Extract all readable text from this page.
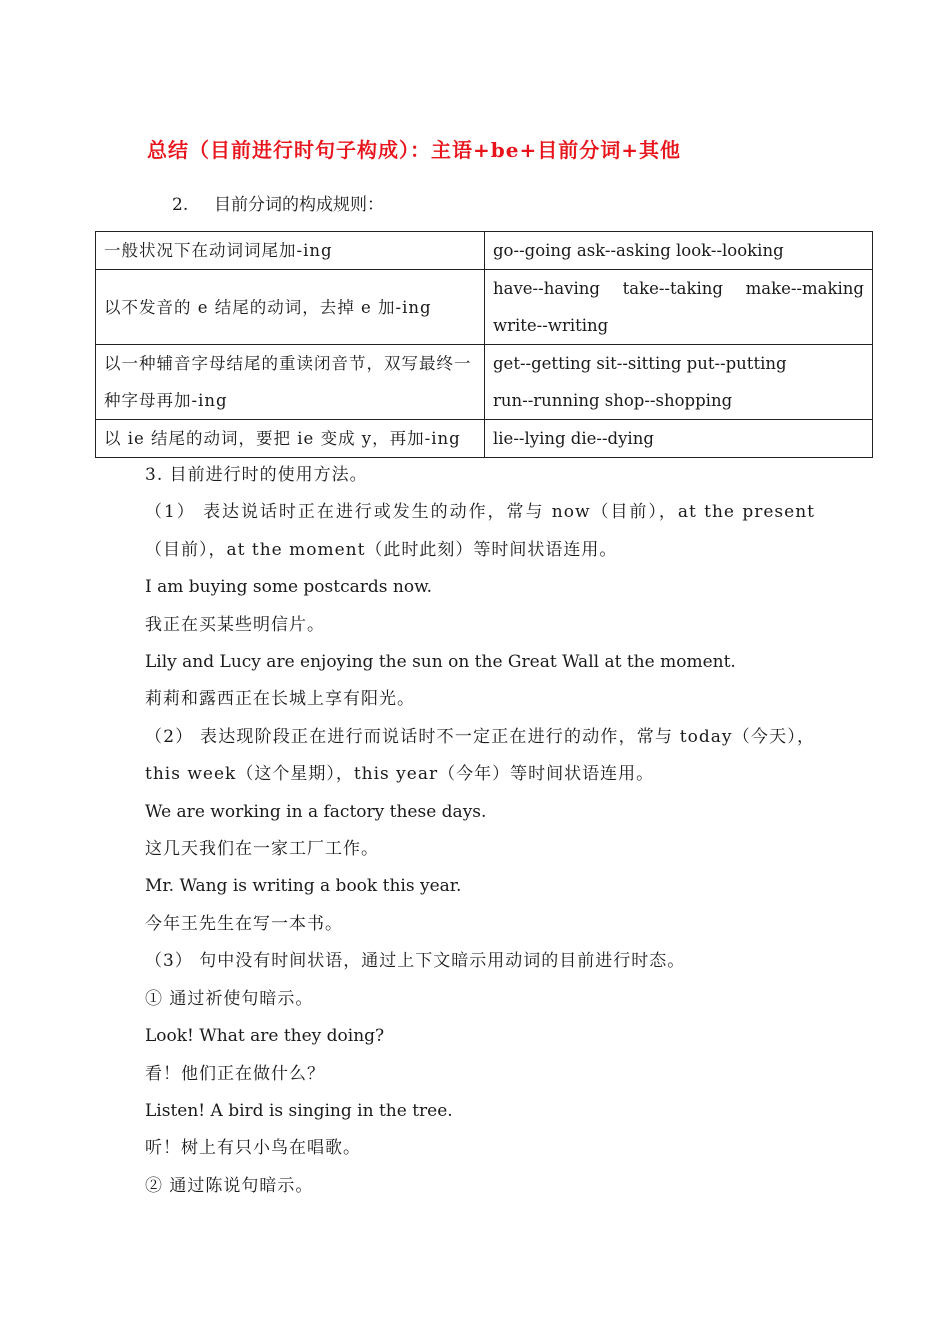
总结（目前进行时句子构成）：主语+be+目前分词+其他
2. 目前分词的构成规则：
一般状况下在动词词尾加-ing	go--going ask--asking look--looking

以不发音的 e 结尾的动词，去掉 e 加-ing	have--having take--taking make--making
write--writing

以一种辅音字母结尾的重读闭音节，双写最终一种字母再加-ing	get--getting sit--sitting put--putting
run--running shop--shopping

以 ie 结尾的动词，要把 ie 变成 y，再加-ing	lie--lying die--dying

3. 目前进行时的使用方法。

（1） 表达说话时正在进行或发生的动作，常与 now（目前），at the present（目前），at the moment（此时此刻）等时间状语连用。

I am buying some postcards now.

我正在买某些明信片。

Lily and Lucy are enjoying the sun on the Great Wall at the moment.

莉莉和露西正在长城上享有阳光。

（2） 表达现阶段正在进行而说话时不一定正在进行的动作，常与 today（今天），this week（这个星期），this year（今年）等时间状语连用。

We are working in a factory these days.

这几天我们在一家工厂工作。

Mr. Wang is writing a book this year.

今年王先生在写一本书。

（3） 句中没有时间状语，通过上下文暗示用动词的目前进行时态。

① 通过祈使句暗示。

Look! What are they doing?

看！他们正在做什么？

Listen! A bird is singing in the tree.

听！树上有只小鸟在唱歌。

② 通过陈说句暗示。
